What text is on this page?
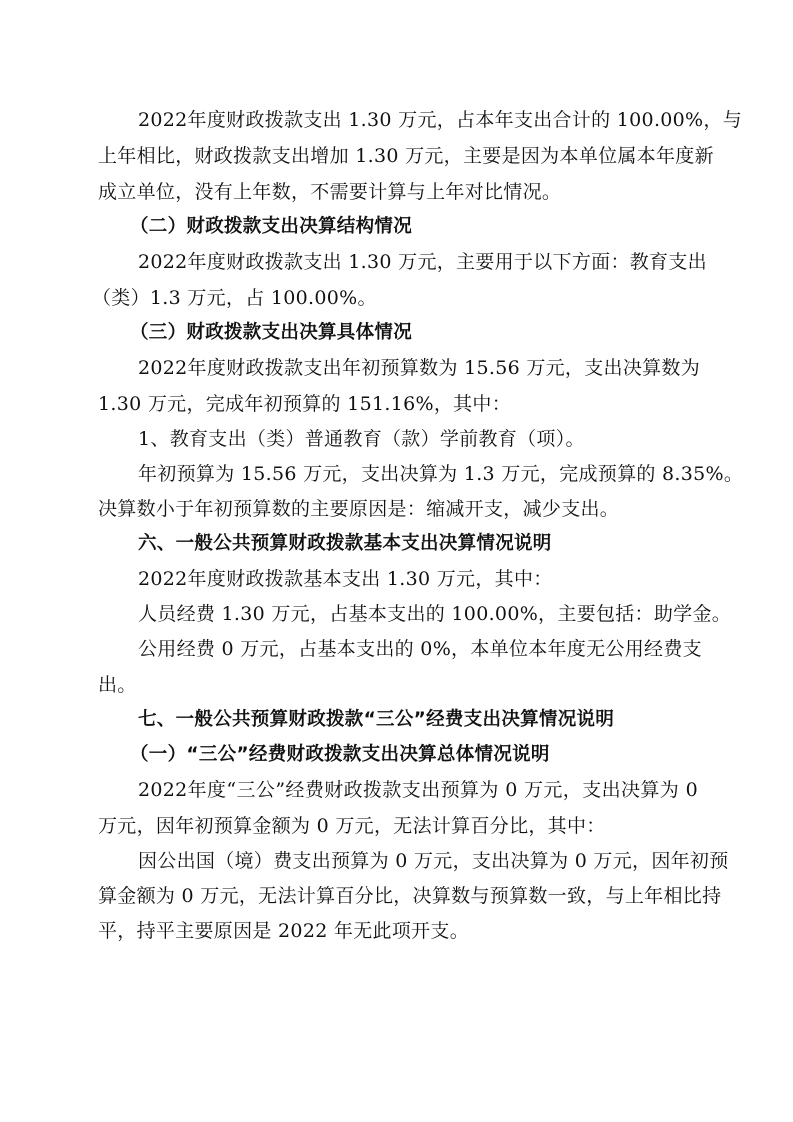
2022年度财政拨款支出 1.30 万元，占本年支出合计的 100.00%，与
上年相比，财政拨款支出增加 1.30 万元，主要是因为本单位属本年度新
成立单位，没有上年数，不需要计算与上年对比情况。
（二）财政拨款支出决算结构情况
2022年度财政拨款支出 1.30 万元，主要用于以下方面：教育支出
（类）1.3 万元，占 100.00%。
（三）财政拨款支出决算具体情况
2022年度财政拨款支出年初预算数为 15.56 万元，支出决算数为
1.30 万元，完成年初预算的 151.16%，其中：
1、教育支出（类）普通教育（款）学前教育（项）。
年初预算为 15.56 万元，支出决算为 1.3 万元，完成预算的 8.35%。
决算数小于年初预算数的主要原因是：缩减开支，减少支出。
六、一般公共预算财政拨款基本支出决算情况说明
2022年度财政拨款基本支出 1.30 万元，其中：
人员经费 1.30 万元，占基本支出的 100.00%，主要包括：助学金。
公用经费 0 万元，占基本支出的 0%，本单位本年度无公用经费支
出。
七、一般公共预算财政拨款“三公”经费支出决算情况说明
（一）“三公”经费财政拨款支出决算总体情况说明
2022年度“三公”经费财政拨款支出预算为 0 万元，支出决算为 0
万元，因年初预算金额为 0 万元，无法计算百分比，其中：
因公出国（境）费支出预算为 0 万元，支出决算为 0 万元，因年初预
算金额为 0 万元，无法计算百分比，决算数与预算数一致，与上年相比持
平，持平主要原因是 2022 年无此项开支。
